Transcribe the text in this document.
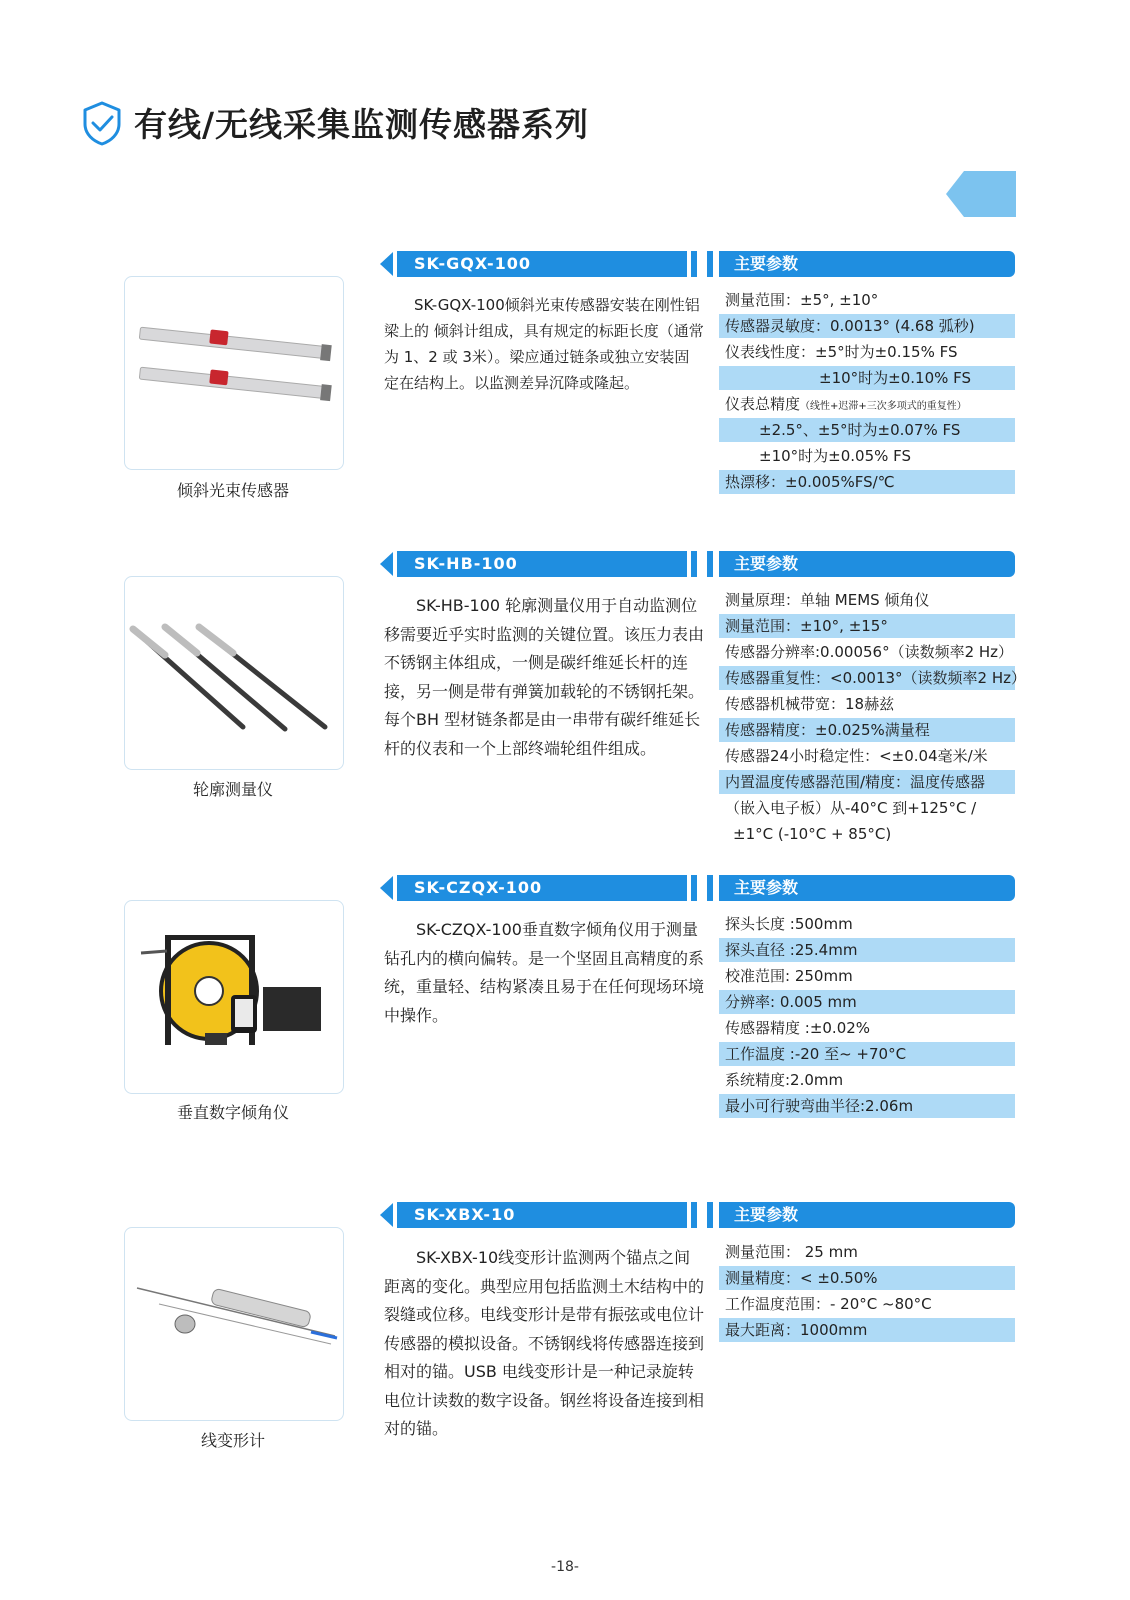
有线/无线采集监测传感器系列
SK-GQX-100	主要参数
倾斜光束传感器

SK-GQX-100倾斜光束传感器安装在刚性铝梁上的 倾斜计组成，具有规定的标距长度（通常为 1、2 或 3米）。梁应通过链条或独立安装固定在结构上。以监测差异沉降或隆起。

测量范围：±5°, ±10°
传感器灵敏度：0.0013° (4.68 弧秒)
仪表线性度：±5°时为±0.15% FS
±10°时为±0.10% FS
仪表总精度（线性+迟滞+三次多项式的重复性）
±2.5°、±5°时为±0.07% FS
±10°时为±0.05% FS
热漂移：±0.005%FS/℃
SK-HB-100	主要参数
轮廓测量仪

SK-HB-100 轮廓测量仪用于自动监测位移需要近乎实时监测的关键位置。该压力表由不锈钢主体组成，一侧是碳纤维延长杆的连接，另一侧是带有弹簧加载轮的不锈钢托架。每个BH 型材链条都是由一串带有碳纤维延长杆的仪表和一个上部终端轮组件组成。

测量原理：单轴 MEMS 倾角仪
测量范围：±10°, ±15°
传感器分辨率:0.00056°（读数频率2 Hz）
传感器重复性：<0.0013°（读数频率2 Hz）
传感器机械带宽：18赫兹
传感器精度：±0.025%满量程
传感器24小时稳定性：<±0.04毫米/米
内置温度传感器范围/精度：温度传感器
（嵌入电子板）从-40°C 到+125°C /
±1°C (-10°C + 85°C)
SK-CZQX-100	主要参数
垂直数字倾角仪

SK-CZQX-100垂直数字倾角仪用于测量钻孔内的横向偏转。是一个坚固且高精度的系统，重量轻、结构紧凑且易于在任何现场环境中操作。

探头长度 :500mm
探头直径 :25.4mm
校准范围: 250mm
分辨率: 0.005 mm
传感器精度 :±0.02%
工作温度 :-20 至~ +70°C
系统精度:2.0mm
最小可行驶弯曲半径:2.06m
SK-XBX-10	主要参数
线变形计

SK-XBX-10线变形计监测两个锚点之间距离的变化。典型应用包括监测土木结构中的裂缝或位移。电线变形计是带有振弦或电位计传感器的模拟设备。不锈钢线将传感器连接到相对的锚。USB 电线变形计是一种记录旋转电位计读数的数字设备。钢丝将设备连接到相对的锚。

测量范围： 25 mm
测量精度：< ±0.50%
工作温度范围：- 20°C ~80°C
最大距离：1000mm
-18-
